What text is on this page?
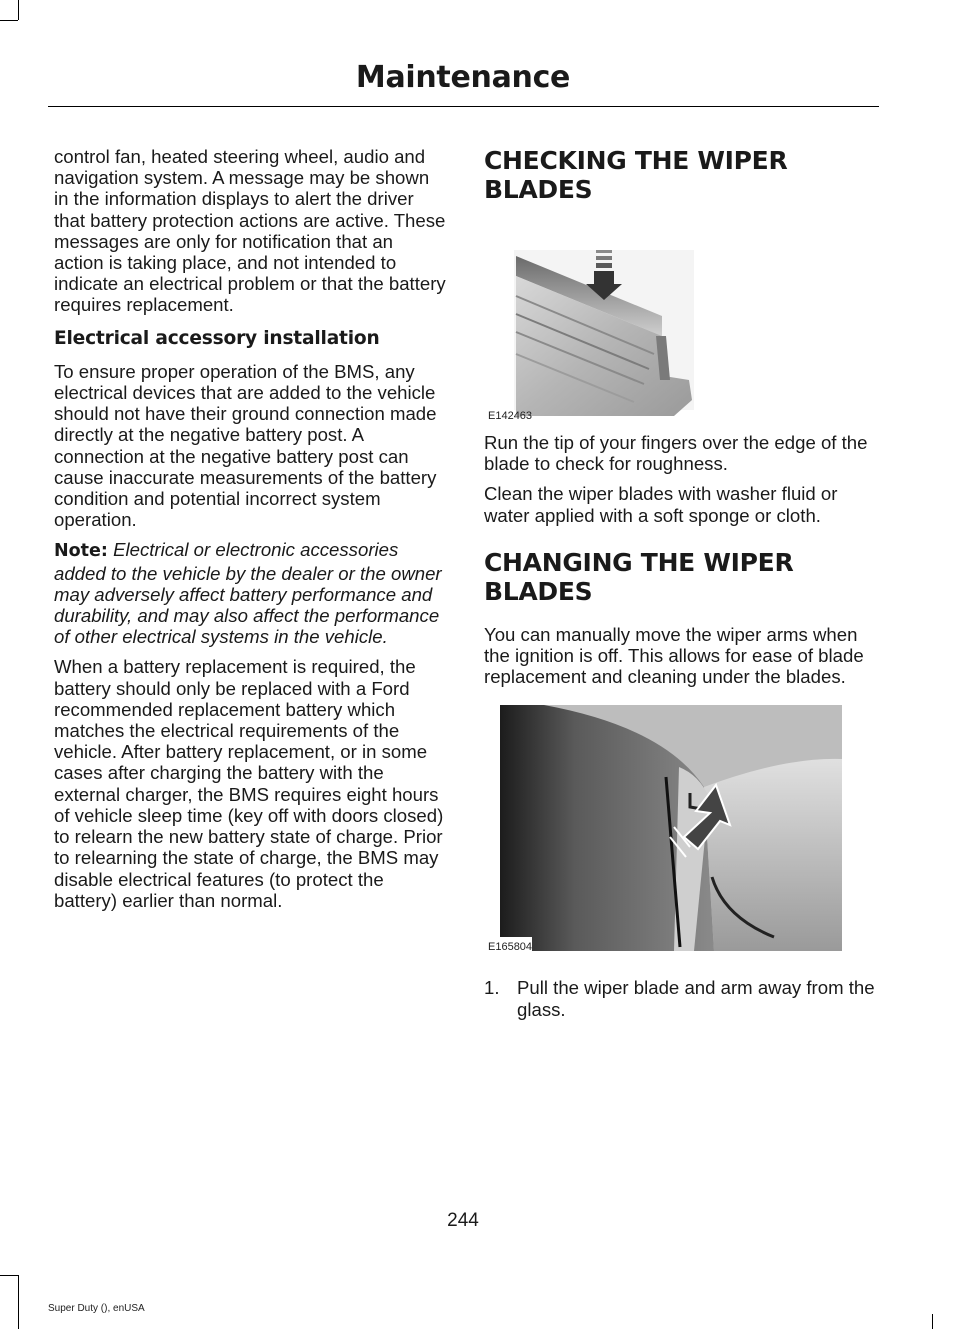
Maintenance

control fan, heated steering wheel, audio and navigation system. A message may be shown in the information displays to alert the driver that battery protection actions are active. These messages are only for notification that an action is taking place, and not intended to indicate an electrical problem or that the battery requires replacement.

Electrical accessory installation

To ensure proper operation of the BMS, any electrical devices that are added to the vehicle should not have their ground connection made directly at the negative battery post. A connection at the negative battery post can cause inaccurate measurements of the battery condition and potential incorrect system operation.

Note: Electrical or electronic accessories added to the vehicle by the dealer or the owner may adversely affect battery performance and durability, and may also affect the performance of other electrical systems in the vehicle.

When a battery replacement is required, the battery should only be replaced with a Ford recommended replacement battery which matches the electrical requirements of the vehicle. After battery replacement, or in some cases after charging the battery with the external charger, the BMS requires eight hours of vehicle sleep time (key off with doors closed) to relearn the new battery state of charge. Prior to relearning the state of charge, the BMS may disable electrical features (to protect the battery) earlier than normal.

CHECKING THE WIPER BLADES
E142463

Run the tip of your fingers over the edge of the blade to check for roughness.

Clean the wiper blades with washer fluid or water applied with a soft sponge or cloth.

CHANGING THE WIPER BLADES

You can manually move the wiper arms when the ignition is off. This allows for ease of blade replacement and cleaning under the blades.

E165804
1. Pull the wiper blade and arm away from the glass.
244
Super Duty (), enUSA
